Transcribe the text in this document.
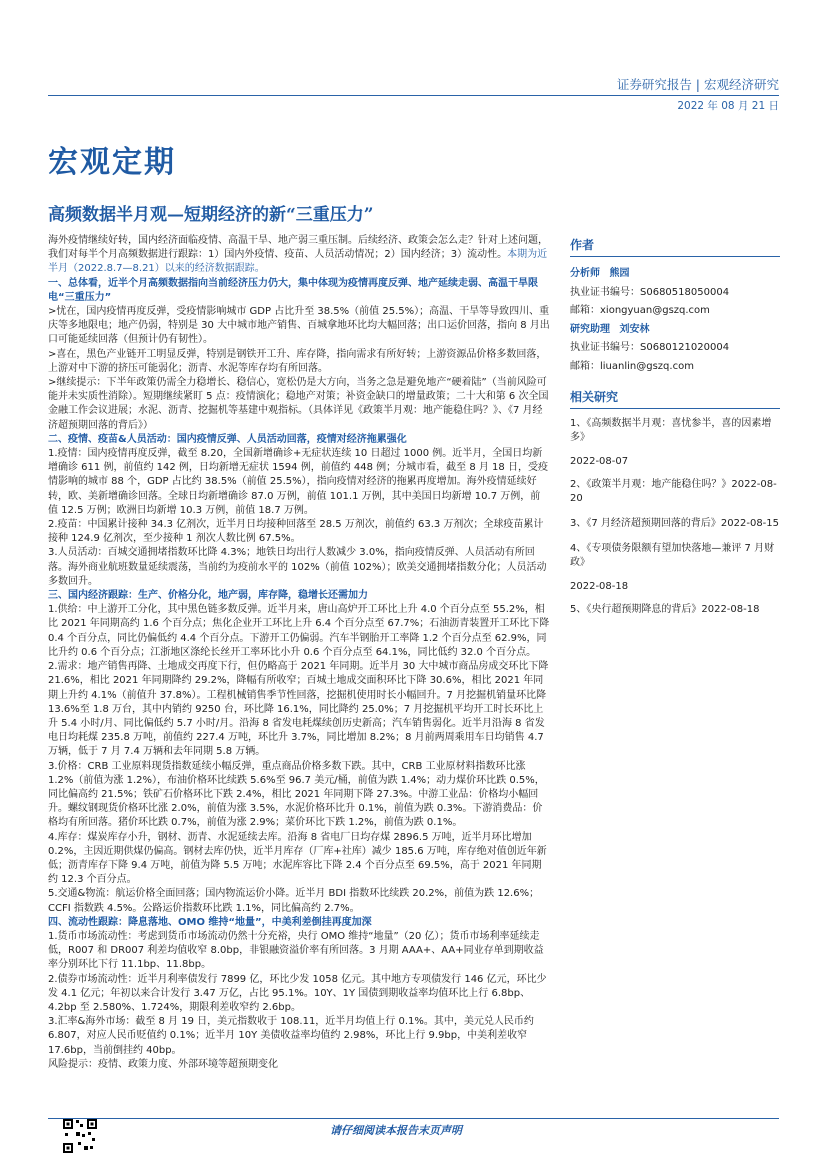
证券研究报告 | 宏观经济研究
2022 年 08 月 21 日
宏观定期
高频数据半月观—短期经济的新“三重压力”

海外疫情继续好转，国内经济面临疫情、高温干旱、地产弱三重压制。后续经济、政策会怎么走？针对上述问题，我们对每半个月高频数据进行跟踪：1）国内外疫情、疫苗、人员活动情况；2）国内经济；3）流动性。本期为近半月（2022.8.7—8.21）以来的经济数据跟踪。

一、总体看，近半个月高频数据指向当前经济压力仍大，集中体现为疫情再度反弹、地产延续走弱、高温干旱限电“三重压力”

>忧在，国内疫情再度反弹，受疫情影响城市 GDP 占比升至 38.5%（前值 25.5%）；高温、干旱等导致四川、重庆等多地限电；地产仍弱，特别是 30 大中城市地产销售、百城拿地环比均大幅回落；出口运价回落，指向 8 月出口可能延续回落（但预计仍有韧性）。

>喜在，黑色产业链开工明显反弹，特别是钢铁开工升、库存降，指向需求有所好转；上游资源品价格多数回落，上游对中下游的挤压可能弱化；沥青、水泥等库存均有所回落。

>继续提示：下半年政策仍需全力稳增长、稳信心，宽松仍是大方向，当务之急是避免地产“硬着陆”（当前风险可能并未实质性消除）。短期继续紧盯 5 点：疫情演化；稳地产对策；补资金缺口的增量政策；二十大和第 6 次全国金融工作会议进展；水泥、沥青、挖掘机等基建中观指标。（具体详见《政策半月观：地产能稳住吗？》、《7 月经济超预期回落的背后》）

二、疫情、疫苗&人员活动：国内疫情反弹、人员活动回落，疫情对经济拖累强化

1.疫情：国内疫情再度反弹，截至 8.20，全国新增确诊+无症状连续 10 日超过 1000 例。近半月，全国日均新增确诊 611 例，前值约 142 例，日均新增无症状 1594 例，前值约 448 例；分城市看，截至 8 月 18 日，受疫情影响的城市 88 个，GDP 占比约 38.5%（前值 25.5%），指向疫情对经济的拖累再度增加。海外疫情延续好转，欧、美新增确诊回落。全球日均新增确诊 87.0 万例，前值 101.1 万例，其中美国日均新增 10.7 万例，前值 12.5 万例；欧洲日均新增 10.3 万例，前值 18.7 万例。

2.疫苗：中国累计接种 34.3 亿剂次，近半月日均接种回落至 28.5 万剂次，前值约 63.3 万剂次；全球疫苗累计接种 124.9 亿剂次，至少接种 1 剂次人数比例 67.5%。

3.人员活动：百城交通拥堵指数环比降 4.3%；地铁日均出行人数减少 3.0%，指向疫情反弹、人员活动有所回落。海外商业航班数量延续震荡，当前约为疫前水平的 102%（前值 102%）；欧美交通拥堵指数分化；人员活动多数回升。

三、国内经济跟踪：生产、价格分化，地产弱，库存降，稳增长还需加力

1.供给：中上游开工分化，其中黑色链多数反弹。近半月来，唐山高炉开工环比上升 4.0 个百分点至 55.2%，相比 2021 年同期高约 1.6 个百分点；焦化企业开工环比上升 6.4 个百分点至 67.7%；石油沥青装置开工环比下降 0.4 个百分点，同比仍偏低约 4.4 个百分点。下游开工仍偏弱。汽车半钢胎开工率降 1.2 个百分点至 62.9%，同比升约 0.6 个百分点；江浙地区涤纶长丝开工率环比小升 0.6 个百分点至 64.1%，同比低约 32.0 个百分点。

2.需求：地产销售再降、土地成交再度下行，但仍略高于 2021 年同期。近半月 30 大中城市商品房成交环比下降 21.6%，相比 2021 年同期降约 29.2%，降幅有所收窄；百城土地成交面积环比下降 30.6%，相比 2021 年同期上升约 4.1%（前值升 37.8%）。工程机械销售季节性回落，挖掘机使用时长小幅回升。7 月挖掘机销量环比降 13.6%至 1.8 万台，其中内销约 9250 台，环比降 16.1%，同比降约 25.0%；7 月挖掘机平均开工时长环比上升 5.4 小时/月、同比偏低约 5.7 小时/月。沿海 8 省发电耗煤续创历史新高；汽车销售弱化。近半月沿海 8 省发电日均耗煤 235.8 万吨，前值约 227.4 万吨，环比升 3.7%，同比增加 8.2%；8 月前两周乘用车日均销售 4.7 万辆，低于 7 月 7.4 万辆和去年同期 5.8 万辆。

3.价格：CRB 工业原料现货指数延续小幅反弹，重点商品价格多数下跌。其中，CRB 工业原材料指数环比涨 1.2%（前值为涨 1.2%），布油价格环比续跌 5.6%至 96.7 美元/桶，前值为跌 1.4%；动力煤价环比跌 0.5%，同比偏高约 21.5%；铁矿石价格环比下跌 2.4%，相比 2021 年同期下降 27.3%。中游工业品：价格均小幅回升。螺纹钢现货价格环比涨 2.0%，前值为涨 3.5%，水泥价格环比升 0.1%，前值为跌 0.3%。下游消费品：价格均有所回落。猪价环比跌 0.7%，前值为涨 2.9%；菜价环比下跌 1.2%，前值为跌 0.1%。

4.库存：煤炭库存小升，钢材、沥青、水泥延续去库。沿海 8 省电厂日均存煤 2896.5 万吨，近半月环比增加 0.2%，主因近期供煤仍偏高。钢材去库仍快，近半月库存（厂库+社库）减少 185.6 万吨，库存绝对值创近年新低；沥青库存下降 9.4 万吨，前值为降 5.5 万吨；水泥库容比下降 2.4 个百分点至 69.5%，高于 2021 年同期约 12.3 个百分点。

5.交通&物流：航运价格全面回落；国内物流运价小降。近半月 BDI 指数环比续跌 20.2%，前值为跌 12.6%；CCFI 指数跌 4.5%。公路运价指数环比跌 1.1%，同比偏高约 2.7%。

四、流动性跟踪：降息落地、OMO 维持“地量”，中美利差倒挂再度加深

1.货币市场流动性：考虑到货币市场流动仍然十分充裕，央行 OMO 维持“地量”（20 亿）；货币市场利率延续走低，R007 和 DR007 利差均值收窄 8.0bp，非银融资溢价率有所回落。3 月期 AAA+、AA+同业存单到期收益率分别环比下行 11.1bp、11.8bp。

2.债券市场流动性：近半月利率债发行 7899 亿，环比少发 1058 亿元。其中地方专项债发行 146 亿元，环比少发 4.1 亿元；年初以来合计发行 3.47 万亿，占比 95.1%。10Y、1Y 国债到期收益率均值环比上行 6.8bp、4.2bp 至 2.580%、1.724%，期限利差收窄约 2.6bp。

3.汇率&海外市场：截至 8 月 19 日，美元指数收于 108.11，近半月均值上行 0.1%。其中，美元兑人民币约 6.807，对应人民币贬值约 0.1%；近半月 10Y 美债收益率均值约 2.98%，环比上行 9.9bp，中美利差收窄 17.6bp，当前倒挂约 40bp。

风险提示：疫情、政策力度、外部环境等超预期变化

作者
分析师 熊园
执业证书编号：S0680518050004
邮箱：xiongyuan@gszq.com
研究助理 刘安林
执业证书编号：S0680121020004
邮箱：liuanlin@gszq.com
相关研究
1、《高频数据半月观：喜忧参半，喜的因素增多》
2022-08-07
2、《政策半月观：地产能稳住吗？》2022-08-20
3、《7 月经济超预期回落的背后》2022-08-15
4、《专项债务限额有望加快落地—兼评 7 月财政》
2022-08-18
5、《央行超预期降息的背后》2022-08-18
请仔细阅读本报告末页声明
